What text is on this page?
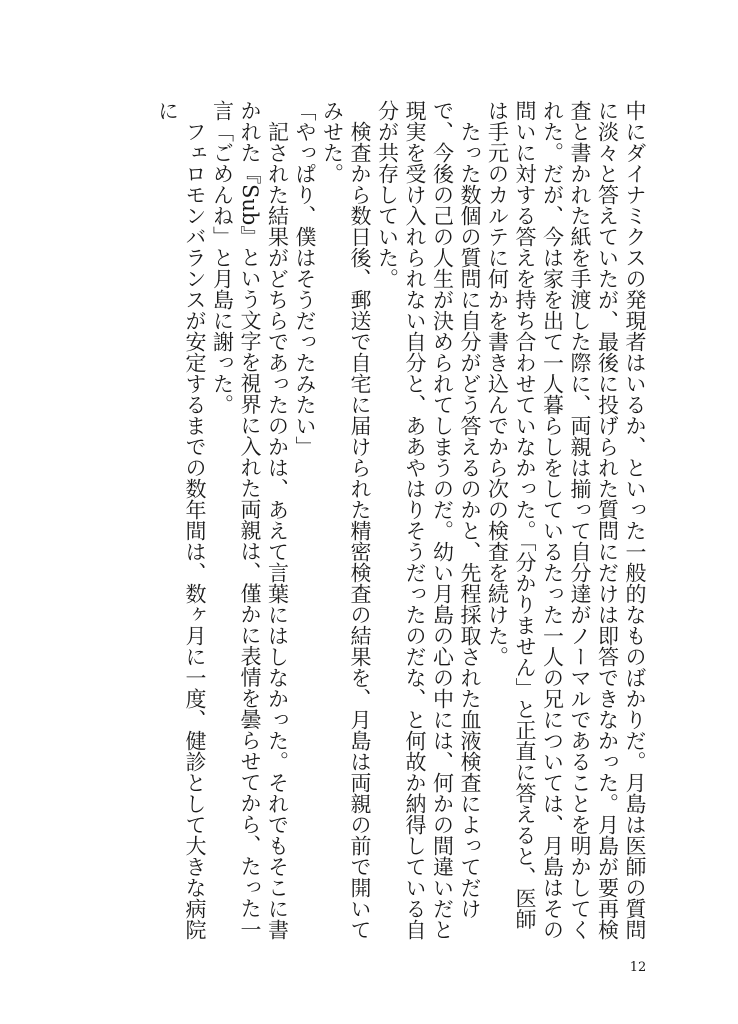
中にダイナミクスの発現者はいるか、といった一般的なものばかりだ。月島は医師の質問に淡々と答えていたが、最後に投げられた質問にだけは即答できなかった。月島が要再検査と書かれた紙を手渡した際に、両親は揃って自分達がノーマルであることを明かしてくれた。だが、今は家を出て一人暮らしをしているたった一人の兄については、月島はその問いに対する答えを持ち合わせていなかった。「分かりません」と正直に答えると、医師は手元のカルテに何かを書き込んでから次の検査を続けた。

たった数個の質問に自分がどう答えるのかと、先程採取された血液検査によってだけで、今後の己の人生が決められてしまうのだ。幼い月島の心の中には、何かの間違いだと現実を受け入れられない自分と、ああやはりそうだったのだな、と何故か納得している自分が共存していた。

検査から数日後、郵送で自宅に届けられた精密検査の結果を、月島は両親の前で開いてみせた。

「やっぱり、僕はそうだったみたい」

記された結果がどちらであったのかは、あえて言葉にはしなかった。それでもそこに書かれた『Sub』という文字を視界に入れた両親は、僅かに表情を曇らせてから、たった一言「ごめんね」と月島に謝った。

フェロモンバランスが安定するまでの数年間は、数ヶ月に一度、健診として大きな病院に

12
